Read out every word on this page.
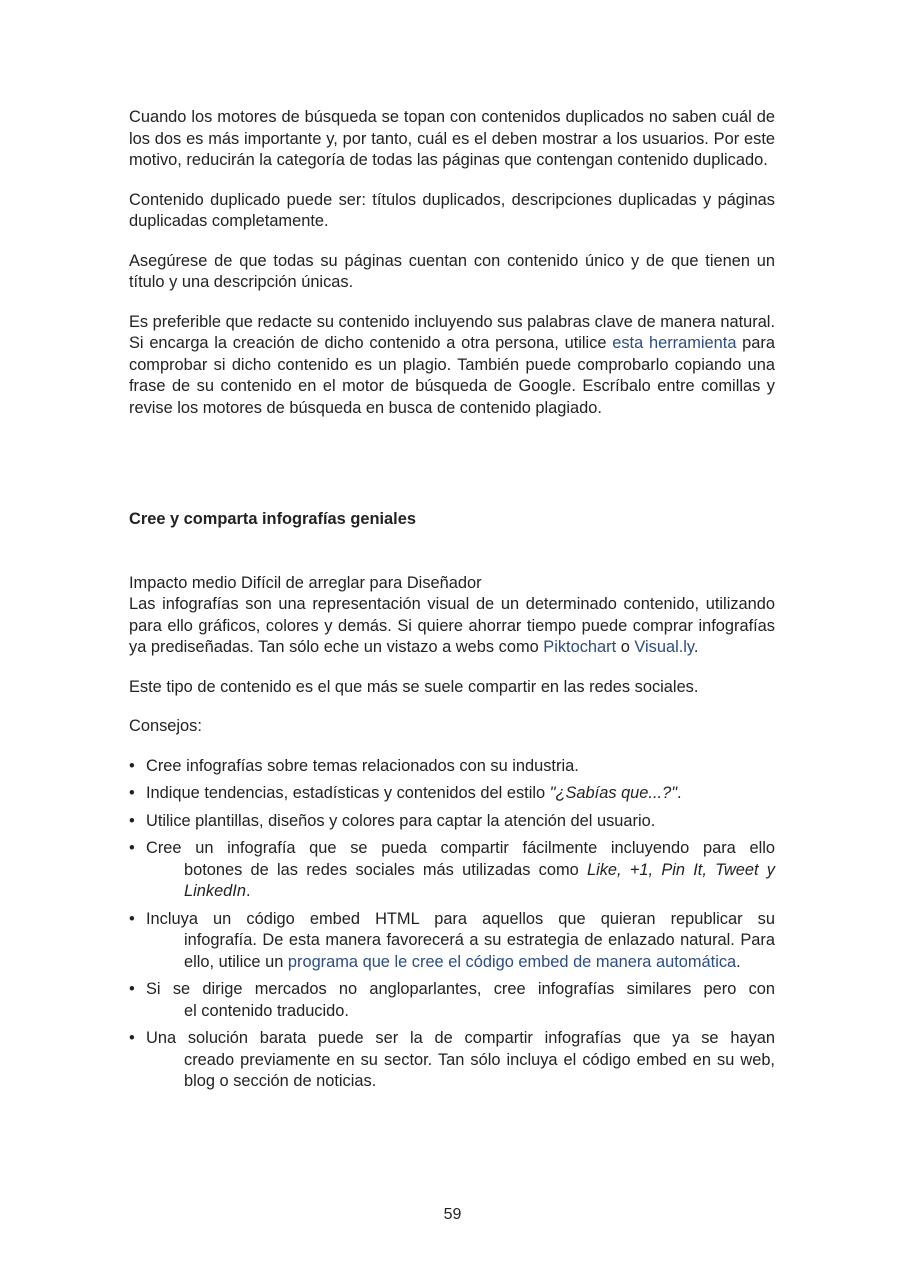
Cuando los motores de búsqueda se topan con contenidos duplicados no saben cuál de los dos es más importante y, por tanto, cuál es el deben mostrar a los usuarios. Por este motivo, reducirán la categoría de todas las páginas que contengan contenido duplicado.

Contenido duplicado puede ser: títulos duplicados, descripciones duplicadas y páginas duplicadas completamente.

Asegúrese de que todas su páginas cuentan con contenido único y de que tienen un título y una descripción únicas.

Es preferible que redacte su contenido incluyendo sus palabras clave de manera natural. Si encarga la creación de dicho contenido a otra persona, utilice esta herramienta para comprobar si dicho contenido es un plagio. También puede comprobarlo copiando una frase de su contenido en el motor de búsqueda de Google. Escríbalo entre comillas y revise los motores de búsqueda en busca de contenido plagiado.

Cree y comparta infografías geniales

Impacto medio Difícil de arreglar para Diseñador

Las infografías son una representación visual de un determinado contenido, utilizando para ello gráficos, colores y demás. Si quiere ahorrar tiempo puede comprar infografías ya prediseñadas. Tan sólo eche un vistazo a webs como Piktochart o Visual.ly.

Este tipo de contenido es el que más se suele compartir en las redes sociales.

Consejos:

• Cree infografías sobre temas relacionados con su industria.
• Indique tendencias, estadísticas y contenidos del estilo "¿Sabías que...?".
• Utilice plantillas, diseños y colores para captar la atención del usuario.
• Cree un infografía que se pueda compartir fácilmente incluyendo para ello
botones de las redes sociales más utilizadas como Like, +1, Pin It, Tweet y LinkedIn.
• Incluya un código embed HTML para aquellos que quieran republicar su
infografía. De esta manera favorecerá a su estrategia de enlazado natural. Para ello, utilice un programa que le cree el código embed de manera automática.
• Si se dirige mercados no angloparlantes, cree infografías similares pero con
el contenido traducido.
• Una solución barata puede ser la de compartir infografías que ya se hayan
creado previamente en su sector. Tan sólo incluya el código embed en su web, blog o sección de noticias.
59
